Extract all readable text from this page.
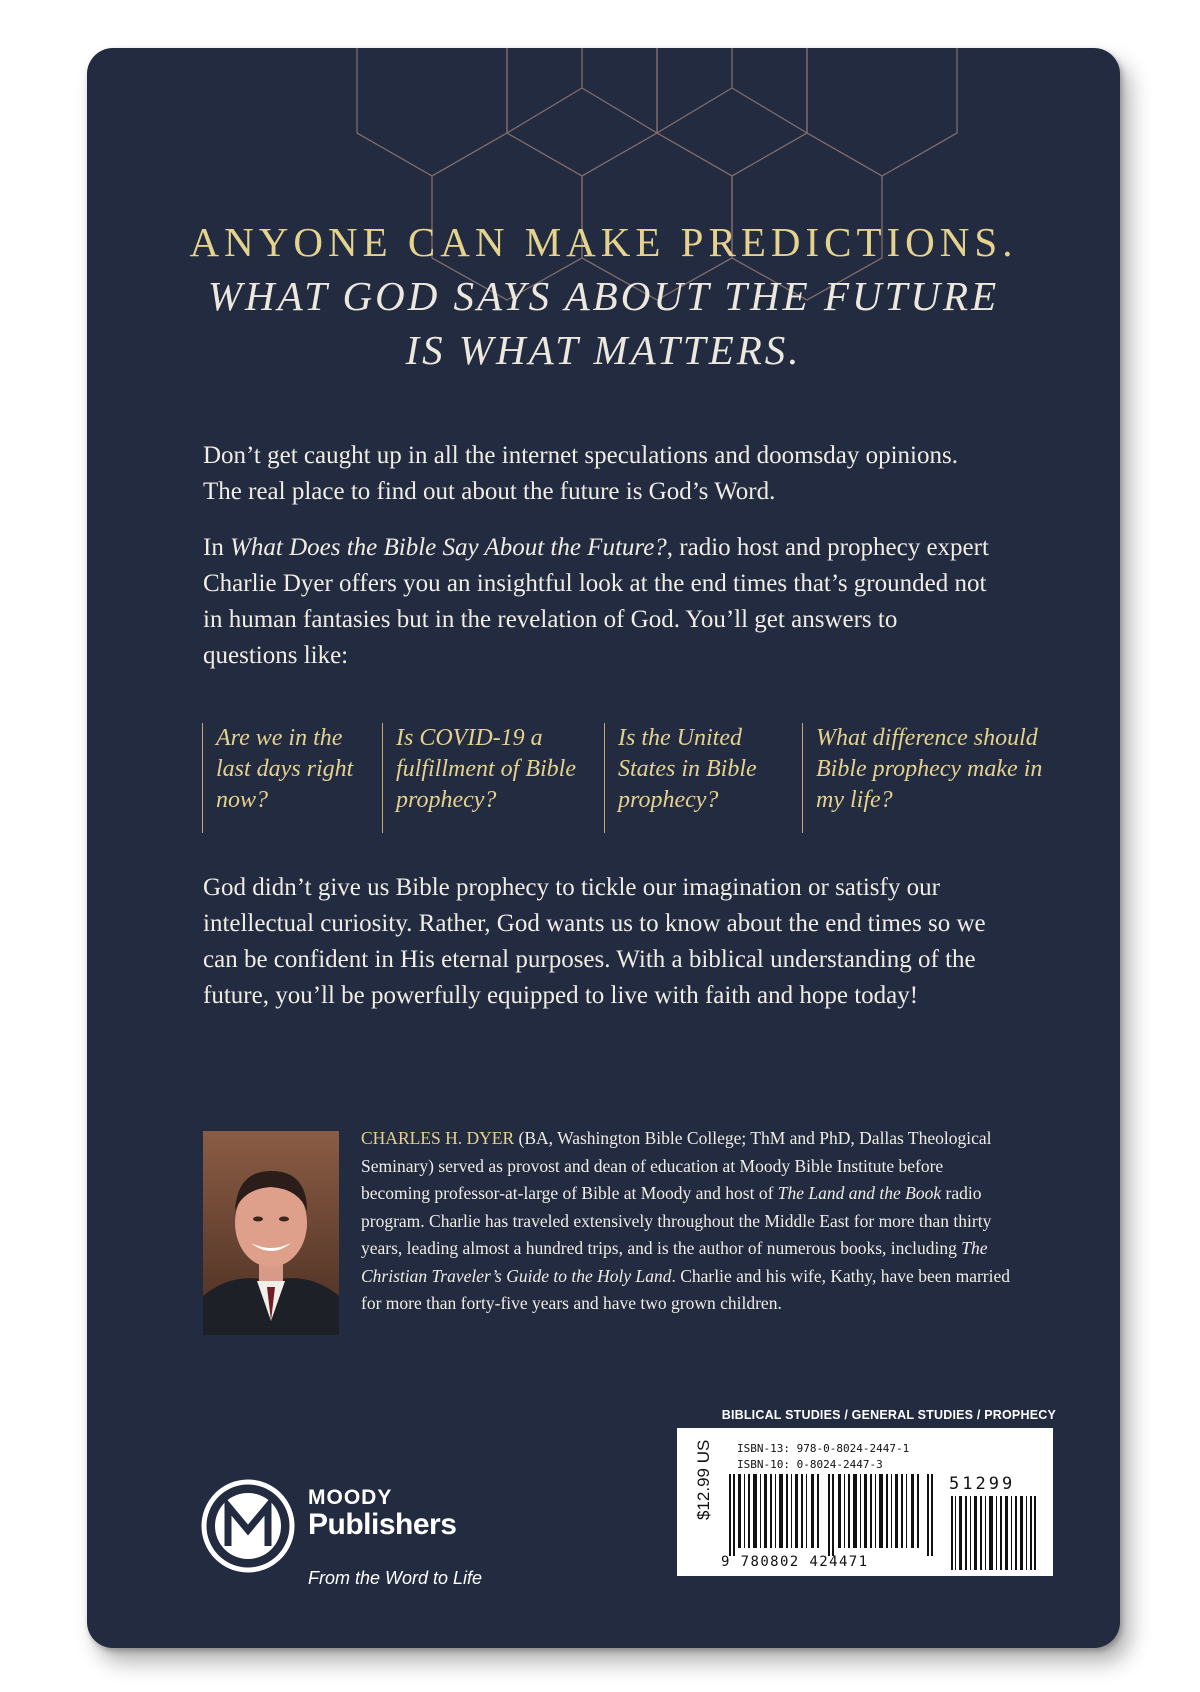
ANYONE CAN MAKE PREDICTIONS.
WHAT GOD SAYS ABOUT THE FUTURE
IS WHAT MATTERS.

Don’t get caught up in all the internet speculations and doomsday opinions. The real place to find out about the future is God’s Word.

In What Does the Bible Say About the Future?, radio host and prophecy expert Charlie Dyer offers you an insightful look at the end times that’s grounded not in human fantasies but in the revelation of God. You’ll get answers to questions like:

Are we in the last days right now?
Is COVID-19 a fulfillment of Bible prophecy?
Is the United States in Bible prophecy?
What difference should Bible prophecy make in my life?

God didn’t give us Bible prophecy to tickle our imagination or satisfy our intellectual curiosity. Rather, God wants us to know about the end times so we can be confident in His eternal purposes. With a biblical understanding of the future, you’ll be powerfully equipped to live with faith and hope today!

CHARLES H. DYER (BA, Washington Bible College; ThM and PhD, Dallas Theological Seminary) served as provost and dean of education at Moody Bible Institute before becoming professor-at-large of Bible at Moody and host of The Land and the Book radio program. Charlie has traveled extensively throughout the Middle East for more than thirty years, leading almost a hundred trips, and is the author of numerous books, including The Christian Traveler’s Guide to the Holy Land. Charlie and his wife, Kathy, have been married for more than forty-five years and have two grown children.
BIBLICAL STUDIES / GENERAL STUDIES / PROPHECY
MOODY
Publishers
From the Word to Life
$12.99 US ISBN-13: 978-0-8024-2447-1
ISBN-10: 0-8024-2447-3
9 780802 424471
51299
